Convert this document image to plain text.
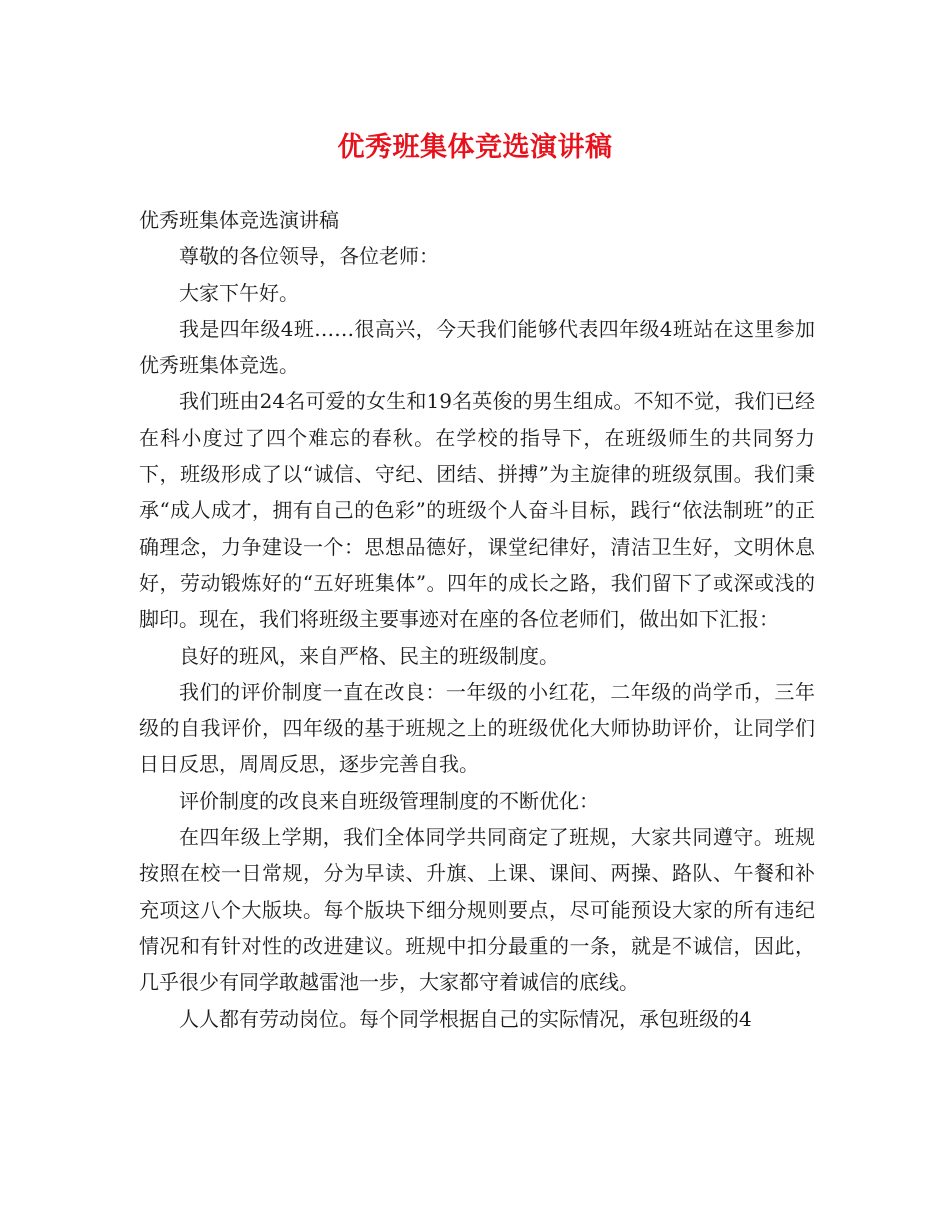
优秀班集体竞选演讲稿

优秀班集体竞选演讲稿

尊敬的各位领导，各位老师：

大家下午好。

我是四年级4班……很高兴，今天我们能够代表四年级4班站在这里参加优秀班集体竞选。

我们班由24名可爱的女生和19名英俊的男生组成。不知不觉，我们已经在科小度过了四个难忘的春秋。在学校的指导下，在班级师生的共同努力下，班级形成了以“诚信、守纪、团结、拼搏”为主旋律的班级氛围。我们秉承“成人成才，拥有自己的色彩”的班级个人奋斗目标，践行“依法制班”的正确理念，力争建设一个：思想品德好，课堂纪律好，清洁卫生好，文明休息好，劳动锻炼好的“五好班集体”。四年的成长之路，我们留下了或深或浅的脚印。现在，我们将班级主要事迹对在座的各位老师们，做出如下汇报：

良好的班风，来自严格、民主的班级制度。

我们的评价制度一直在改良：一年级的小红花，二年级的尚学币，三年级的自我评价，四年级的基于班规之上的班级优化大师协助评价，让同学们日日反思，周周反思，逐步完善自我。

评价制度的改良来自班级管理制度的不断优化：

在四年级上学期，我们全体同学共同商定了班规，大家共同遵守。班规按照在校一日常规，分为早读、升旗、上课、课间、两操、路队、午餐和补充项这八个大版块。每个版块下细分规则要点，尽可能预设大家的所有违纪情况和有针对性的改进建议。班规中扣分最重的一条，就是不诚信，因此，几乎很少有同学敢越雷池一步，大家都守着诚信的底线。

人人都有劳动岗位。每个同学根据自己的实际情况，承包班级的4
